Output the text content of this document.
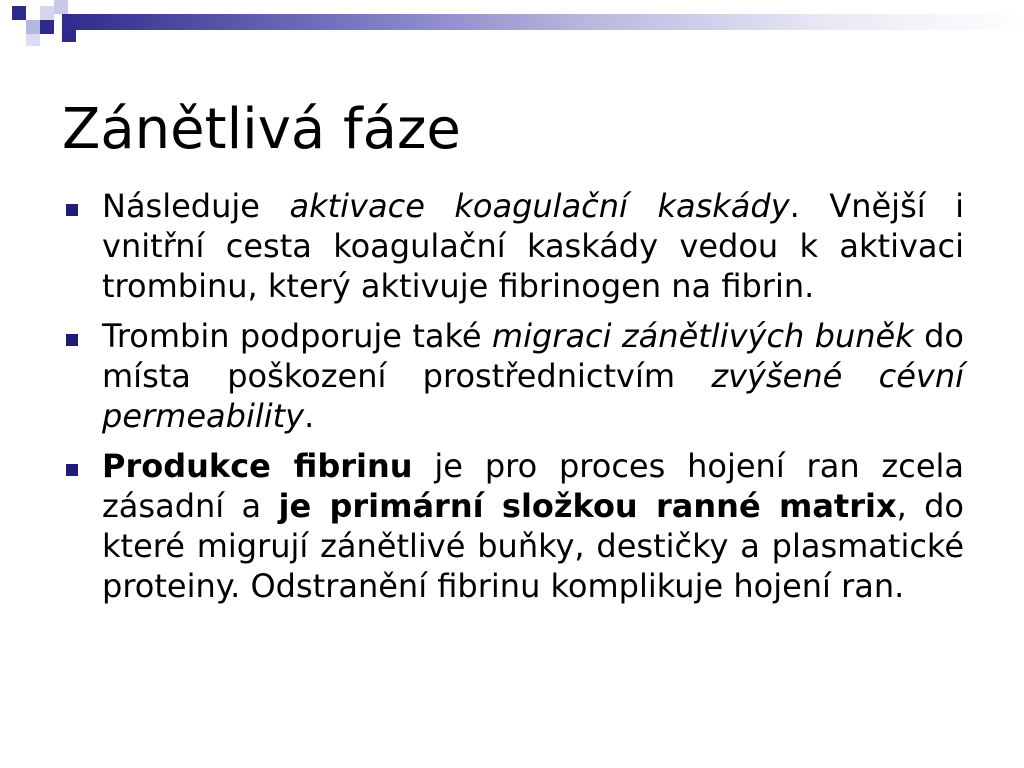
Zánětlivá fáze
Následuje aktivace koagulační kaskády. Vnější i vnitřní cesta koagulační kaskády vedou k aktivaci trombinu, který aktivuje fibrinogen na fibrin.
Trombin podporuje také migraci zánětlivých buněk do místa poškození prostřednictvím zvýšené cévní permeability.
Produkce fibrinu je pro proces hojení ran zcela zásadní a je primární složkou ranné matrix, do které migrují zánětlivé buňky, destičky a plasmatické proteiny. Odstranění fibrinu komplikuje hojení ran.
